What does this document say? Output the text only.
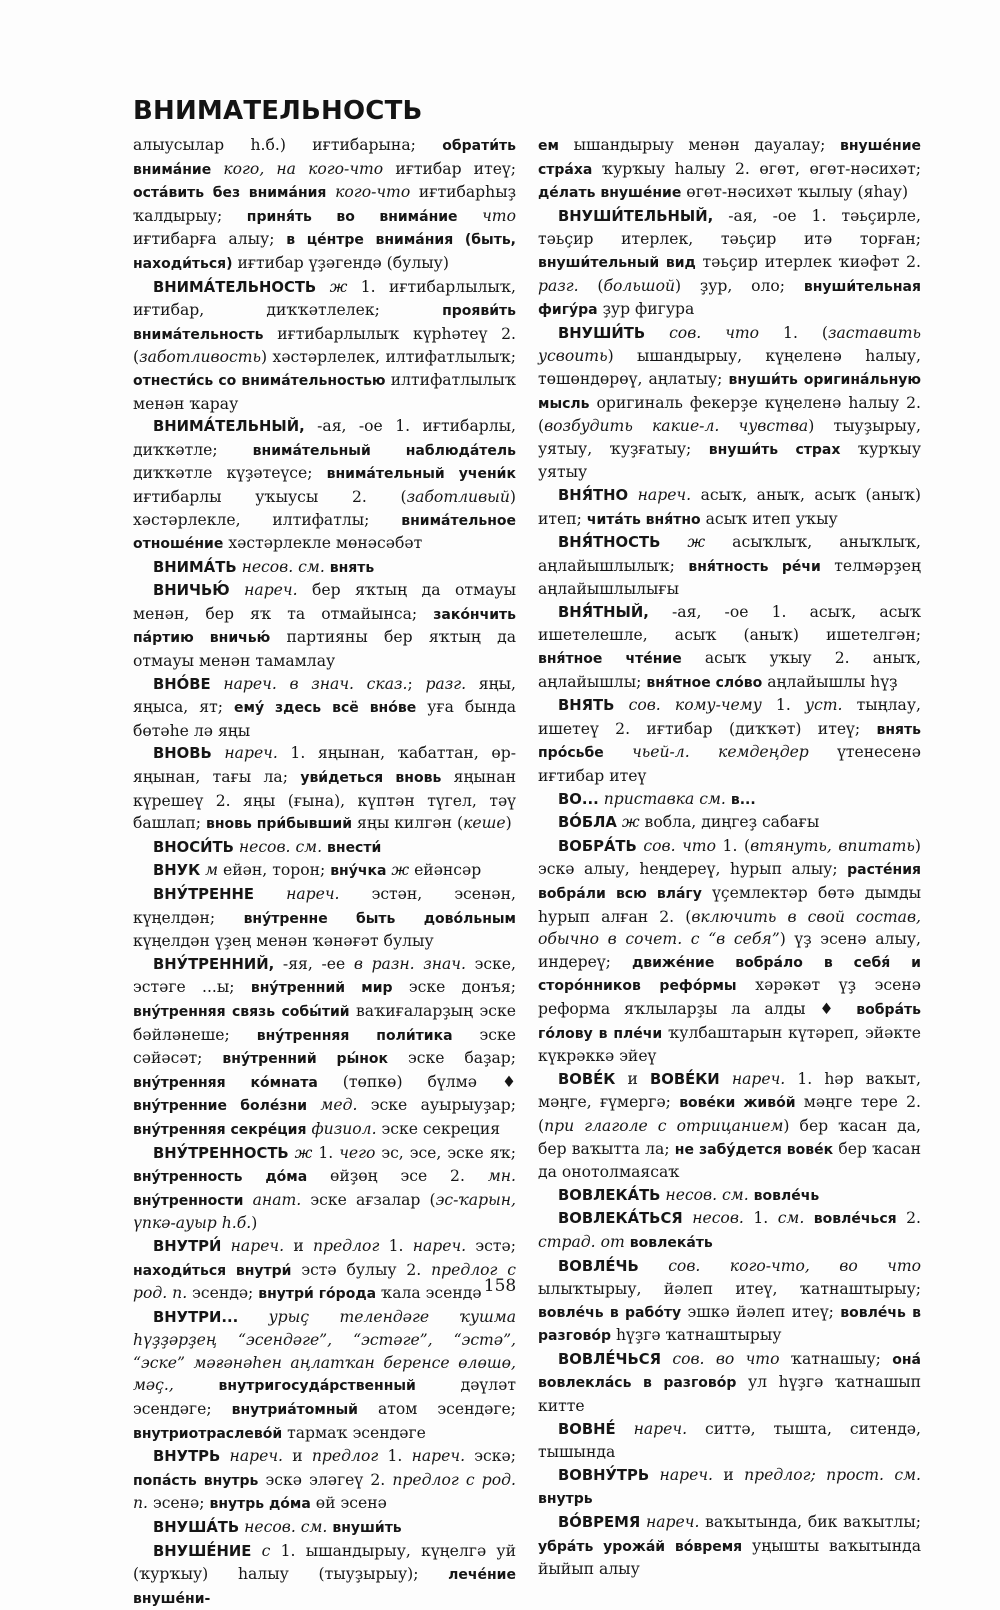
ВНИМАТЕЛЬНОСТЬ

алыусылар һ.б.) иғтибарына; обрати́ть внима́ние кого, на кого-что иғтибар итеү; оста́вить без внима́ния кого-что иғтибарһыҙ ҡалдырыу; приня́ть во внима́ние что иғтибарға алыу; в це́нтре внима́ния (быть, находи́ться) иғтибар үҙәгендә (булыу)

ВНИМА́ТЕЛЬНОСТЬ ж 1. иғтибарлылыҡ, иғтибар, диҡҡәтлелек; прояви́ть внима́тельность иғтибарлылыҡ күрһәтеү 2. (заботливость) хәстәрлелек, илтифатлылыҡ; отнести́сь со внима́тельностью илтифатлылыҡ менән ҡарау

ВНИМА́ТЕЛЬНЫЙ, -ая, -ое 1. иғтибарлы, диҡҡәтле; внима́тельный наблюда́тель диҡҡәтле күҙәтеүсе; внима́тельный учени́к иғтибарлы уҡыусы 2. (заботливый) хәстәрлекле, илтифатлы; внима́тельное отноше́ние хәстәрлекле мөнәсәбәт

ВНИМА́ТЬ несов. см. внять

ВНИЧЬЮ́ нареч. бер яҡтың да отмауы менән, бер яҡ та отмайынса; зако́нчить па́ртию вничью́ партияны бер яҡтың да отмауы менән тамамлау

ВНО́ВЕ нареч. в знач. сказ.; разг. яңы, яңыса, ят; ему́ здесь всё вно́ве уға бында бөтәһе лә яңы

ВНОВЬ нареч. 1. яңынан, ҡабаттан, өр-яңынан, тағы ла; уви́деться вновь яңынан күрешеү 2. яңы (ғына), күптән түгел, тәү башлап; вновь при́бывший яңы килгән (кеше)

ВНОСИ́ТЬ несов. см. внести́

ВНУК м ейән, торон; вну́чка ж ейәнсәр

ВНУ́ТРЕННЕ нареч. эстән, эсенән, күңелдән; вну́тренне быть дово́льным күңелдән үҙең менән ҡәнәғәт булыу

ВНУ́ТРЕННИЙ, -яя, -ее в разн. знач. эске, эстәге ...ы; вну́тренний мир эске донъя; вну́тренняя связь собы́тий ваҡиғаларҙың эске бәйләнеше; вну́тренняя поли́тика эске сәйәсәт; вну́тренний ры́нок эске баҙар; вну́тренняя ко́мната (төпкө) бүлмә ♦ вну́тренние боле́зни мед. эске ауырыуҙар; вну́тренняя секре́ция физиол. эске секреция

ВНУ́ТРЕННОСТЬ ж 1. чего эс, эсе, эске яҡ; вну́тренность до́ма өйҙөң эсе 2. мн. вну́тренности анат. эске ағзалар (эс-ҡарын, үпкә-ауыр һ.б.)

ВНУТРИ́ нареч. и предлог 1. нареч. эстә; находи́ться внутри́ эстә булыу 2. предлог с род. п. эсендә; внутри́ го́рода ҡала эсендә

ВНУТРИ... урыҫ телендәге ҡушма һүҙҙәрҙең “эсендәге”, “эстәге”, “эстә”, “эске” мәғәнәһен аңлатҡан беренсе өлөшө, мәҫ.,	внутригосуда́рственный дәүләт эсендәге; внутриа́томный атом эсендәге; внутриотраслево́й тармаҡ эсендәге

ВНУТРЬ нареч. и предлог 1. нареч. эскә; попа́сть внутрь эскә эләгеү 2. предлог с род. п. эсенә; внутрь до́ма өй эсенә

ВНУША́ТЬ несов. см. внуши́ть

ВНУШЕ́НИЕ с 1. ышандырыу, күңелгә уй (ҡурҡыу) һалыу (тыуҙырыу); лече́ние внуше́ни-

ем ышандырыу менән дауалау; внуше́ние стра́ха ҡурҡыу һалыу 2. өгөт, өгөт-нәсихәт; де́лать внуше́ние өгөт-нәсихәт ҡылыу (яһау)

ВНУШИ́ТЕЛЬНЫЙ, -ая, -ое 1. тәьҫирле, тәьҫир итерлек, тәьҫир итә торған; внуши́тельный вид тәьҫир итерлек ҡиәфәт 2. разг. (большой) ҙур, оло; внуши́тельная фигу́ра ҙур фигура

ВНУШИ́ТЬ сов. что 1. (заставить усвоить) ышандырыу, күңеленә һалыу, төшөндөрөү, аңлатыу; внуши́ть оригина́льную мысль оригиналь фекерҙе күңеленә һалыу 2. (возбудить какие-л. чувства) тыуҙырыу, уятыу, ҡуҙғатыу; внуши́ть страх ҡурҡыу уятыу

ВНЯ́ТНО нареч. асыҡ, аныҡ, асыҡ (аныҡ) итеп; чита́ть вня́тно асыҡ итеп уҡыу

ВНЯ́ТНОСТЬ ж асыҡлыҡ, аныҡлыҡ, аңлайышлылыҡ; вня́тность ре́чи телмәрҙең аңлайышлылығы

ВНЯ́ТНЫЙ, -ая, -ое 1. асыҡ, асыҡ ишетелешле, асыҡ (аныҡ) ишетелгән; вня́тное чте́ние асыҡ уҡыу 2. аныҡ, аңлайышлы; вня́тное сло́во аңлайышлы һүҙ

ВНЯТЬ сов. кому-чему 1. уст. тыңлау, ишетеү 2. иғтибар (диҡҡәт) итеү; внять про́сьбе чьей-л. кемдеңдер үтенесенә иғтибар итеү

ВО... приставка см. в...

ВО́БЛА ж вобла, диңгеҙ сабағы

ВОБРА́ТЬ сов. что 1. (втянуть, впитать) эскә алыу, һеңдереү, һурып алыу; расте́ния вобра́ли всю вла́гу үҫемлектәр бөтә дымды һурып алған 2. (включить в свой состав, обычно в сочет. с “в себя”) үҙ эсенә алыу, индереү; движе́ние вобра́ло в себя́ и сторо́нников рефо́рмы хәрәкәт үҙ эсенә реформа яҡлыларҙы ла алды ♦ вобра́ть го́лову в пле́чи ҡулбаштарын күтәреп, эйәкте күкрәккә эйеү

ВОВЕ́К и ВОВЕ́КИ нареч. 1. һәр ваҡыт, мәңге, ғүмергә; вове́ки живо́й мәңге тере 2. (при глаголе с отрицанием) бер ҡасан да, бер ваҡытта ла; не забу́дется вове́к бер ҡасан да онотолмаясаҡ

ВОВЛЕКА́ТЬ несов. см. вовле́чь

ВОВЛЕКА́ТЬСЯ несов. 1. см. вовле́чься 2. страд. от вовлека́ть

ВОВЛЕ́ЧЬ сов. кого-что, во что ылыҡтырыу, йәлеп итеү, ҡатнаштырыу; вовле́чь в рабо́ту эшкә йәлеп итеү; вовле́чь в разгово́р һүҙгә ҡатнаштырыу

ВОВЛЕ́ЧЬСЯ сов. во что ҡатнашыу; она́ вовлекла́сь в разгово́р ул һүҙгә ҡатнашып китте

ВОВНЕ́ нареч. ситтә, тышта, ситендә, тышында

ВОВНУ́ТРЬ нареч. и предлог; прост. см. внутрь

ВО́ВРЕМЯ нареч. ваҡытында, бик ваҡытлы; убра́ть урожа́й во́время уңышты ваҡытында йыйып алыу

158
